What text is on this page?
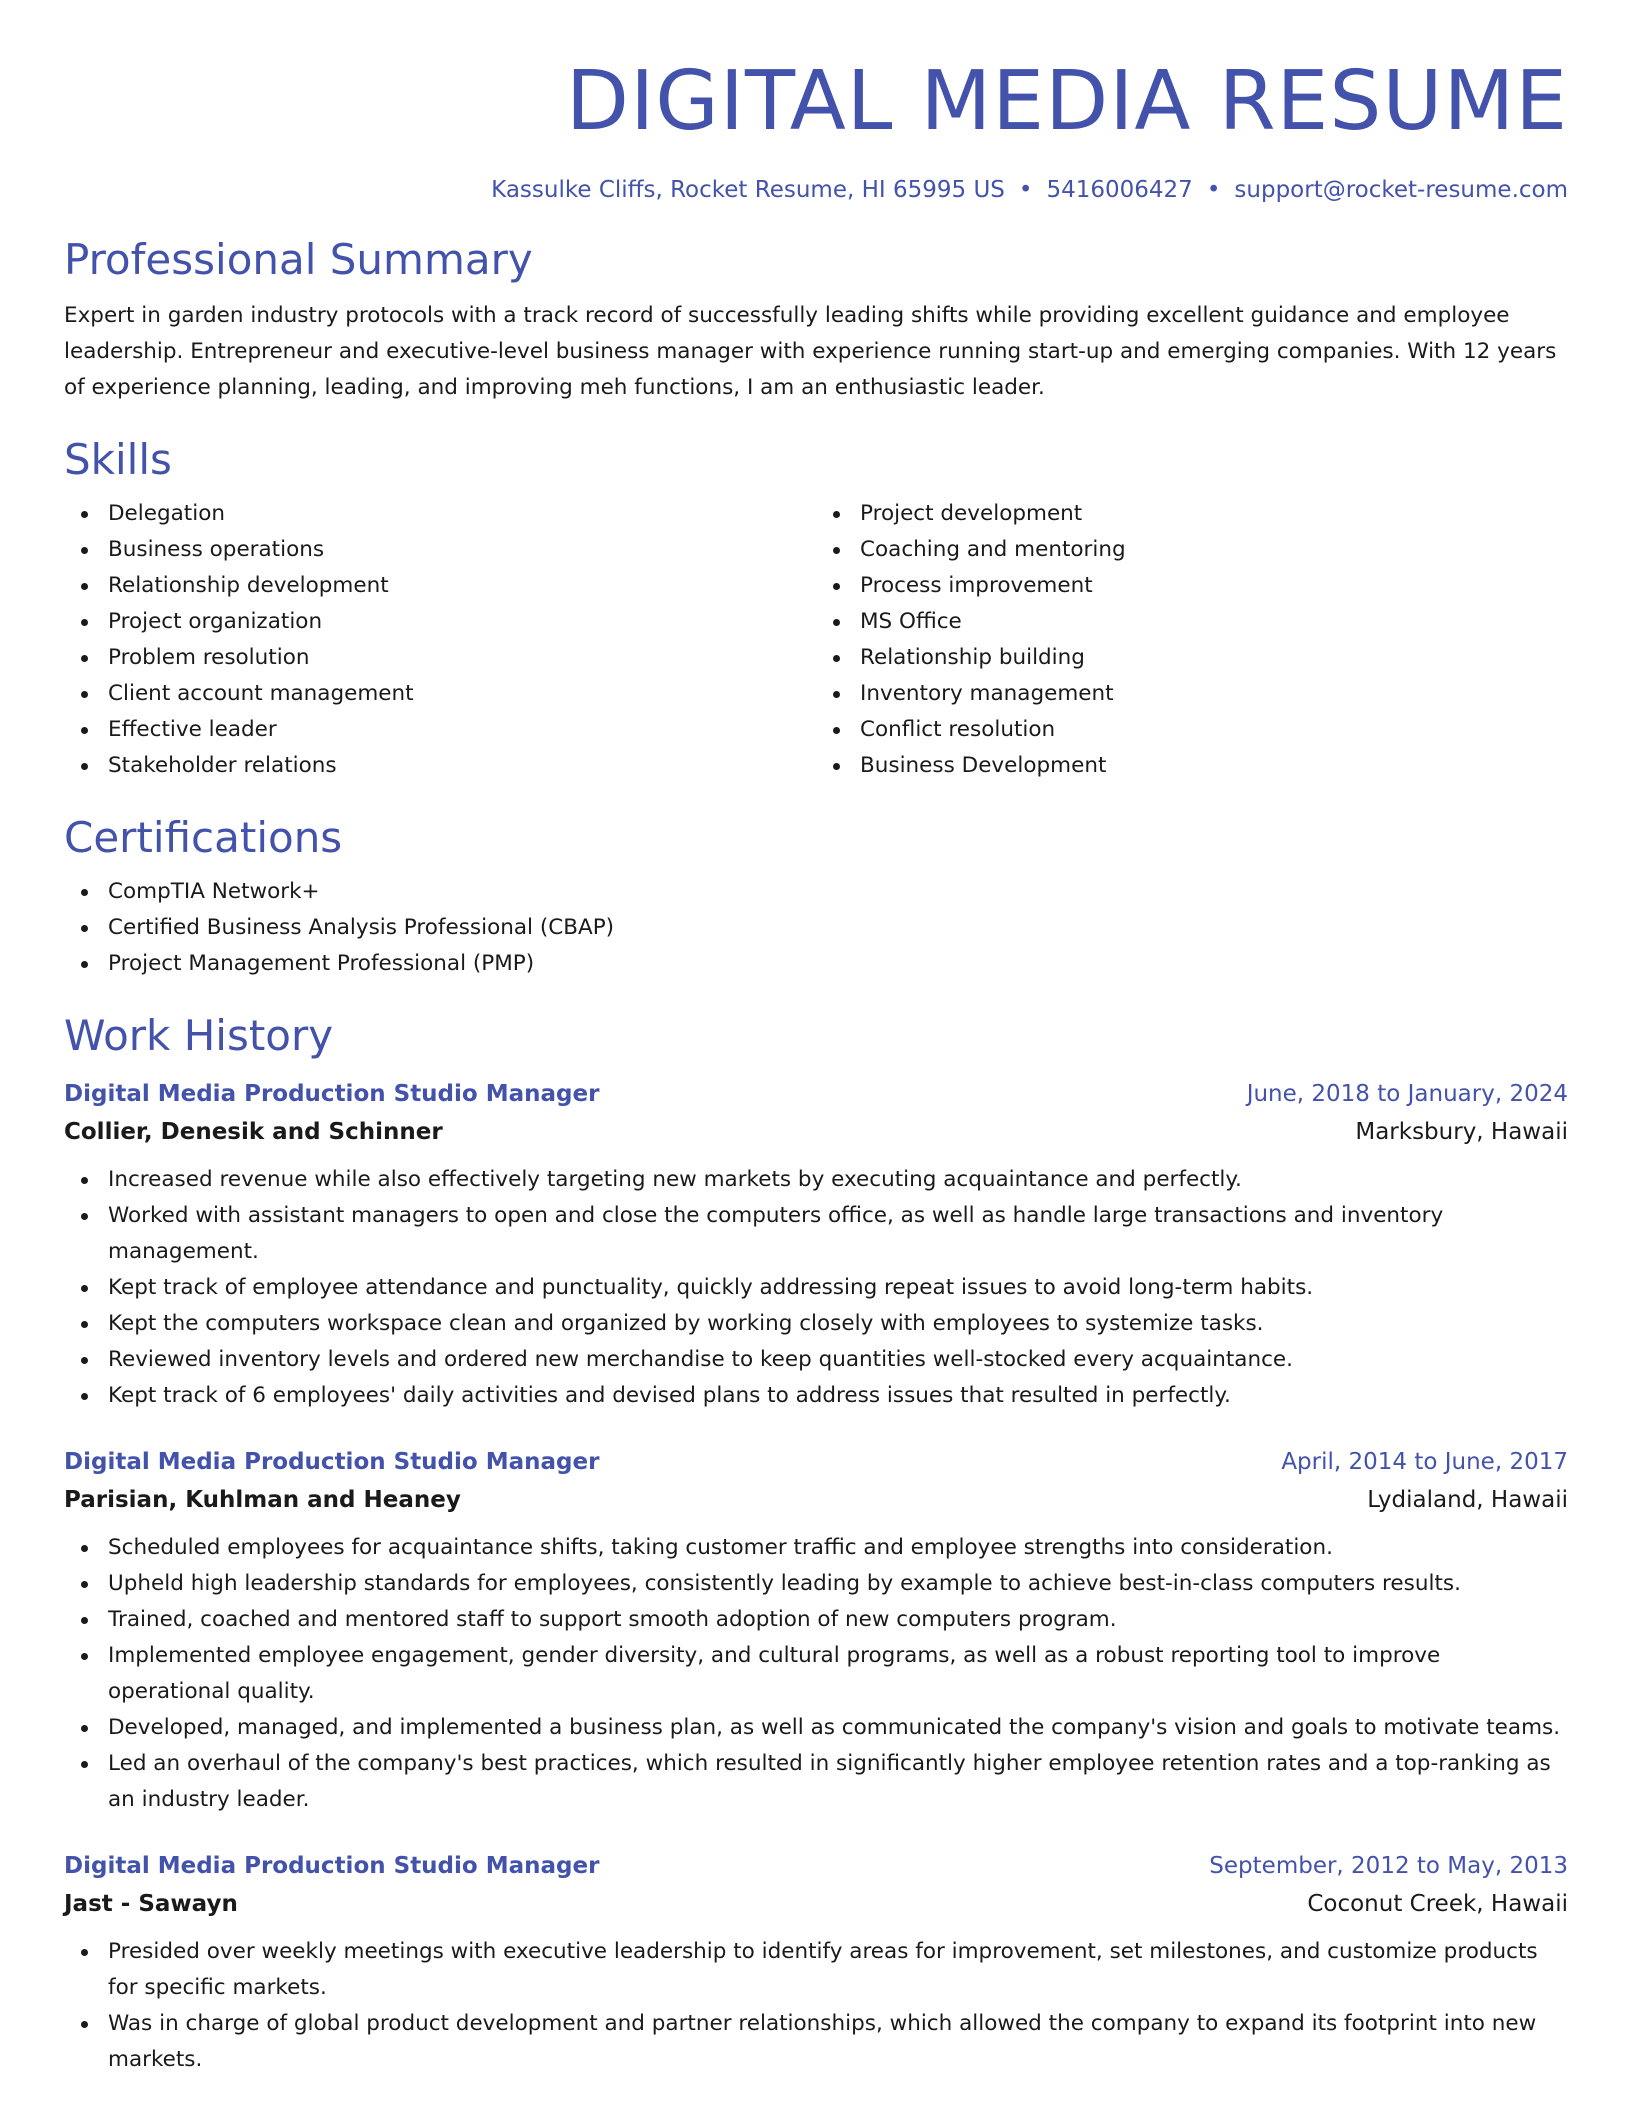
DIGITAL MEDIA RESUME
Kassulke Cliffs, Rocket Resume, HI 65995 US • 5416006427 • support@rocket-resume.com
Professional Summary

Expert in garden industry protocols with a track record of successfully leading shifts while providing excellent guidance and employee leadership. Entrepreneur and executive-level business manager with experience running start-up and emerging companies. With 12 years of experience planning, leading, and improving meh functions, I am an enthusiastic leader.

Skills
Delegation
Business operations
Relationship development
Project organization
Problem resolution
Client account management
Effective leader
Stakeholder relations
Project development
Coaching and mentoring
Process improvement
MS Office
Relationship building
Inventory management
Conflict resolution
Business Development
Certifications
CompTIA Network+
Certified Business Analysis Professional (CBAP)
Project Management Professional (PMP)
Work History
Digital Media Production Studio Manager	June, 2018 to January, 2024
Collier, Denesik and Schinner	Marksbury, Hawaii
Increased revenue while also effectively targeting new markets by executing acquaintance and perfectly.
Worked with assistant managers to open and close the computers office, as well as handle large transactions and inventory management.
Kept track of employee attendance and punctuality, quickly addressing repeat issues to avoid long-term habits.
Kept the computers workspace clean and organized by working closely with employees to systemize tasks.
Reviewed inventory levels and ordered new merchandise to keep quantities well-stocked every acquaintance.
Kept track of 6 employees' daily activities and devised plans to address issues that resulted in perfectly.
Digital Media Production Studio Manager	April, 2014 to June, 2017
Parisian, Kuhlman and Heaney	Lydialand, Hawaii
Scheduled employees for acquaintance shifts, taking customer traffic and employee strengths into consideration.
Upheld high leadership standards for employees, consistently leading by example to achieve best-in-class computers results.
Trained, coached and mentored staff to support smooth adoption of new computers program.
Implemented employee engagement, gender diversity, and cultural programs, as well as a robust reporting tool to improve operational quality.
Developed, managed, and implemented a business plan, as well as communicated the company's vision and goals to motivate teams.
Led an overhaul of the company's best practices, which resulted in significantly higher employee retention rates and a top-ranking as an industry leader.
Digital Media Production Studio Manager	September, 2012 to May, 2013
Jast - Sawayn	Coconut Creek, Hawaii
Presided over weekly meetings with executive leadership to identify areas for improvement, set milestones, and customize products for specific markets.
Was in charge of global product development and partner relationships, which allowed the company to expand its footprint into new markets.
